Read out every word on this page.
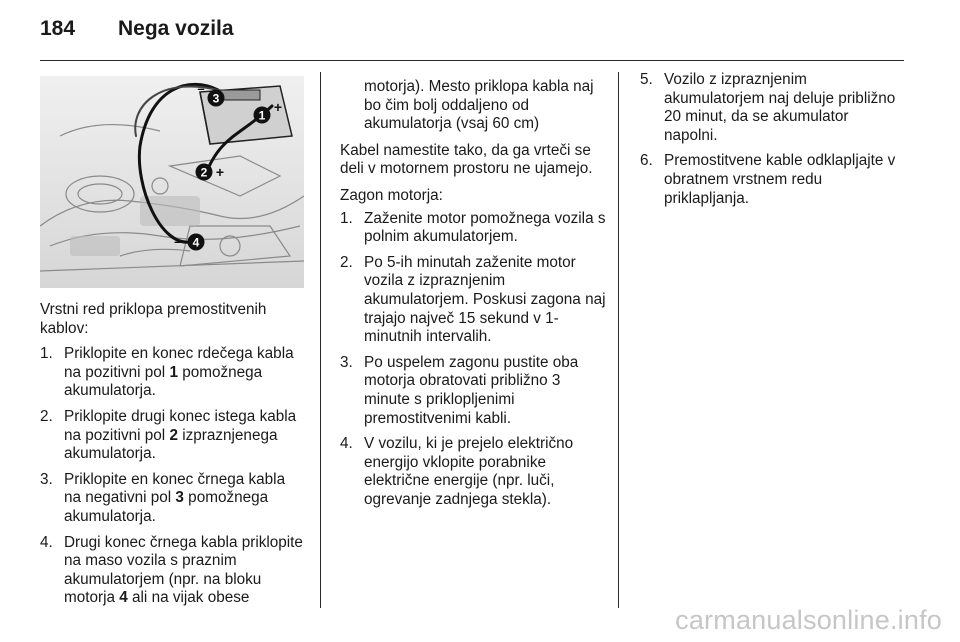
184 Nega vozila
3
–
1
+
2 +
4
–

Vrstni red priklopa premostitvenih kablov:

1. Priklopite en konec rdečega kabla na pozitivni pol 1 pomožnega akumulatorja.
2. Priklopite drugi konec istega kabla na pozitivni pol 2 izpraznjenega akumulatorja.
3. Priklopite en konec črnega kabla na negativni pol 3 pomožnega akumulatorja.
4. Drugi konec črnega kabla priklopite na maso vozila s praznim akumulatorjem (npr. na bloku motorja 4 ali na vijak obese

motorja). Mesto priklopa kabla naj bo čim bolj oddaljeno od akumulatorja (vsaj 60 cm)

Kabel namestite tako, da ga vrteči se deli v motornem prostoru ne ujamejo.

Zagon motorja:

1. Zaženite motor pomožnega vozila s polnim akumulatorjem.
2. Po 5-ih minutah zaženite motor vozila z izpraznjenim akumulatorjem. Poskusi zagona naj trajajo največ 15 sekund v 1-minutnih intervalih.
3. Po uspelem zagonu pustite oba motorja obratovati približno 3 minute s priklopljenimi premostitvenimi kabli.
4. V vozilu, ki je prejelo električno energijo vklopite porabnike električne energije (npr. luči, ogrevanje zadnjega stekla).
5. Vozilo z izpraznjenim akumulatorjem naj deluje približno 20 minut, da se akumulator napolni.
6. Premostitvene kable odklapljajte v obratnem vrstnem redu priklapljanja.
carmanualsonline.info
